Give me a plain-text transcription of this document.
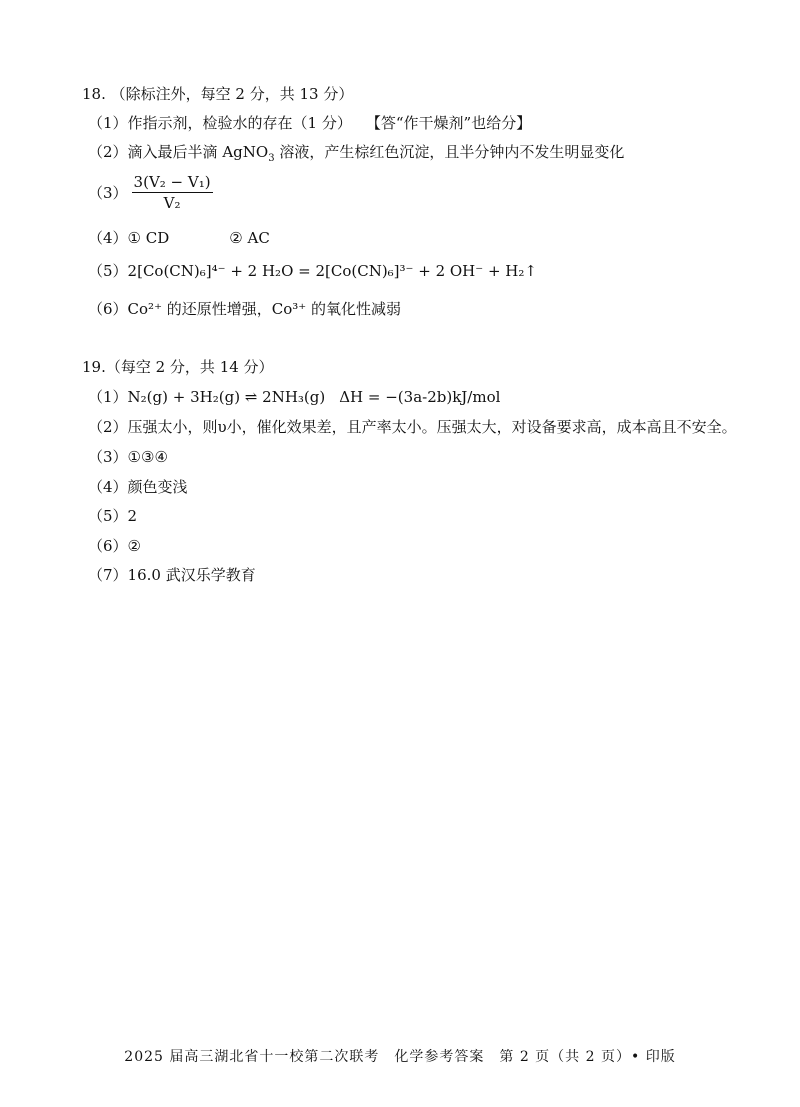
18. （除标注外，每空 2 分，共 13 分）
（1）作指示剂，检验水的存在（1 分） 【答“作干燥剂”也给分】
（2）滴入最后半滴 AgNO$_3$ 溶液，产生棕红色沉淀，且半分钟内不发生明显变化
$(3) \frac{\text{3(V₂ − V₁)}}{\text{V₂}}$
（4）① CD	② AC
（5）2[Co(CN)₆]⁴⁻ + 2 H₂O = 2[Co(CN)₆]³⁻ + 2 OH⁻ + H₂↑
（6）Co²⁺ 的还原性增强，Co³⁺ 的氧化性减弱
19.（每空 2 分，共 14 分）
（1）N₂(g) + 3H₂(g) ⇌ 2NH₃(g) ΔH = −(3a-2b)kJ/mol
（2）压强太小，则υ小，催化效果差，且产率太小。压强太大，对设备要求高，成本高且不安全。
（3）①③④
（4）颜色变浅
（5）2
（6）②
（7）16.0 武汉乐学教育
2025 届高三湖北省十一校第二次联考　化学参考答案　第 2 页（共 2 页）• 印版
